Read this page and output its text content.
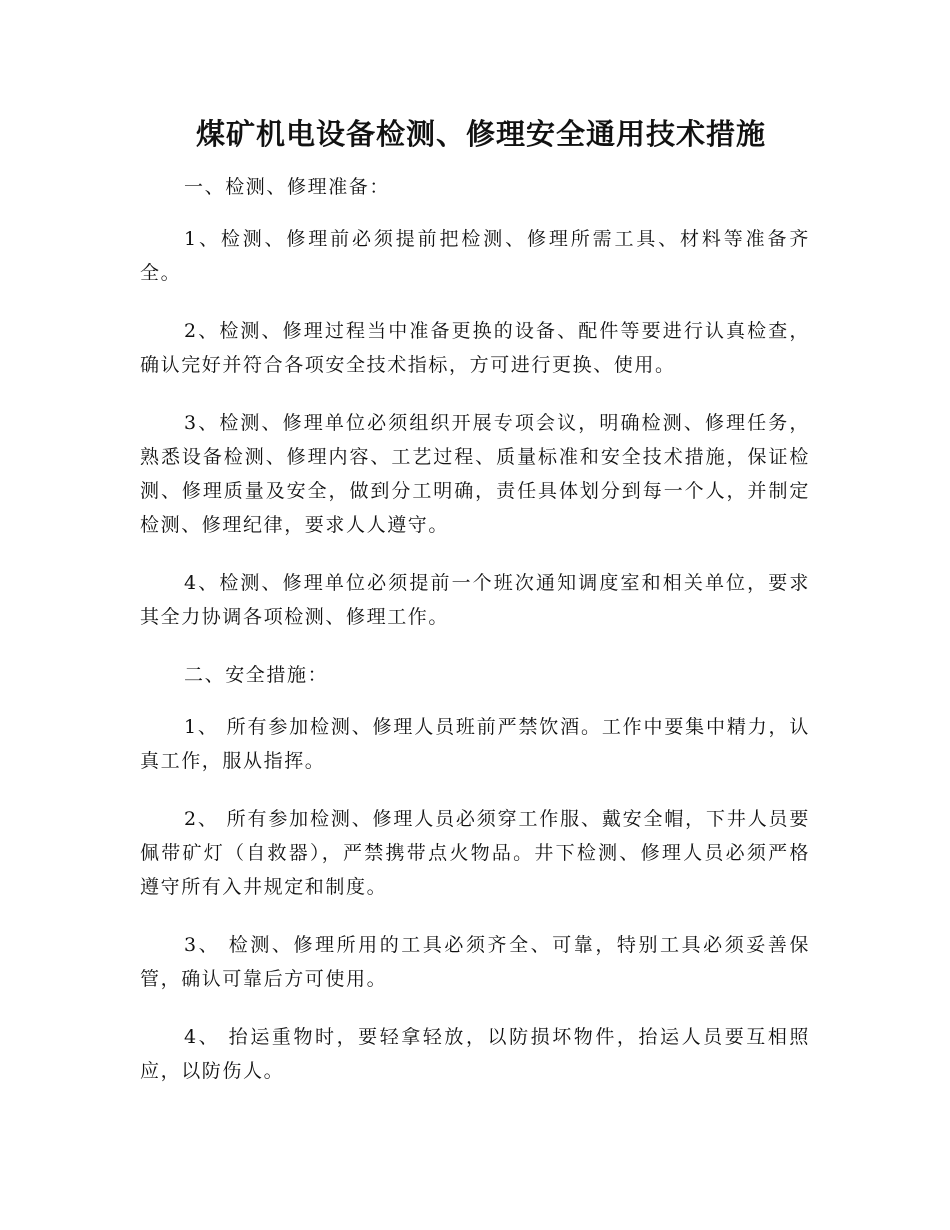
煤矿机电设备检测、修理安全通用技术措施

一、检测、修理准备：

1、检测、修理前必须提前把检测、修理所需工具、材料等准备齐全。

2、检测、修理过程当中准备更换的设备、配件等要进行认真检查，确认完好并符合各项安全技术指标，方可进行更换、使用。

3、检测、修理单位必须组织开展专项会议，明确检测、修理任务，熟悉设备检测、修理内容、工艺过程、质量标准和安全技术措施，保证检测、修理质量及安全，做到分工明确，责任具体划分到每一个人，并制定检测、修理纪律，要求人人遵守。

4、检测、修理单位必须提前一个班次通知调度室和相关单位，要求其全力协调各项检测、修理工作。

二、安全措施：

1、 所有参加检测、修理人员班前严禁饮酒。工作中要集中精力，认真工作，服从指挥。

2、 所有参加检测、修理人员必须穿工作服、戴安全帽，下井人员要佩带矿灯（自救器），严禁携带点火物品。井下检测、修理人员必须严格遵守所有入井规定和制度。

3、 检测、修理所用的工具必须齐全、可靠，特别工具必须妥善保管，确认可靠后方可使用。

4、 抬运重物时，要轻拿轻放，以防损坏物件，抬运人员要互相照应，以防伤人。
